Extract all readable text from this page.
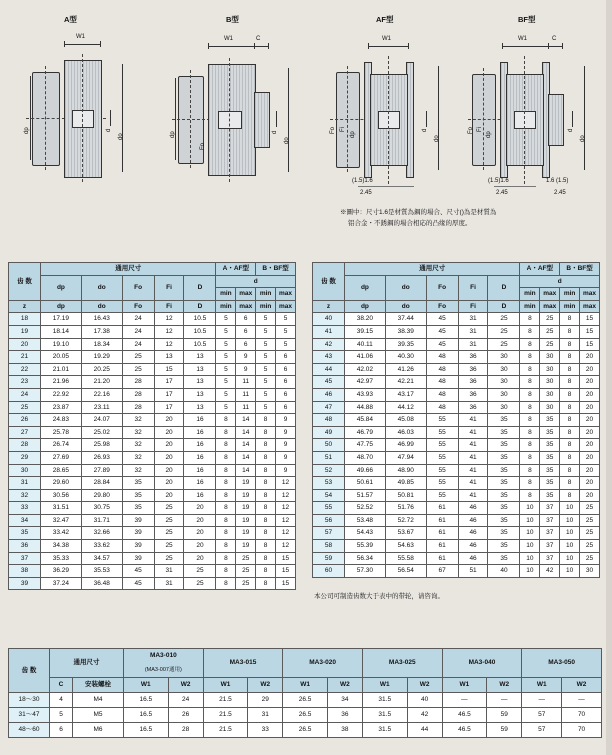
A型
W1
dp	d
do
B型
W1	C
dp	d
do
Fo
AF型
W1
Fo Fi
dp
d
do
(1.5)1.6
2.45
BF型
W1	C
Fo Fi
dp
d
do
(1.5)1.6
2.45
1.6 (1.5)
2.45
※圖中：尺寸1.6是材質為鋼的場合、尺寸()為是材質為
铝合金・不銹鋼的場合相応的凸缘的厚度。
齿 数	通用尺寸					A・AF型		B・BF型	
	dp	do	Fo	Fi	D	d			
						min	max	min	max
z	dp	do	Fo	Fi	D	min	max	min	max
18	17.19	16.43	24	12	10.5	5	6	5	5
19	18.14	17.38	24	12	10.5	5	6	5	5
20	19.10	18.34	24	12	10.5	5	6	5	5
21	20.05	19.29	25	13	13	5	9	5	6
22	21.01	20.25	25	15	13	5	9	5	6
23	21.96	21.20	28	17	13	5	11	5	6
24	22.92	22.16	28	17	13	5	11	5	6
25	23.87	23.11	28	17	13	5	11	5	6
26	24.83	24.07	32	20	16	8	14	8	9
27	25.78	25.02	32	20	16	8	14	8	9
28	26.74	25.98	32	20	16	8	14	8	9
29	27.69	26.93	32	20	16	8	14	8	9
30	28.65	27.89	32	20	16	8	14	8	9
31	29.60	28.84	35	20	16	8	19	8	12
32	30.56	29.80	35	20	16	8	19	8	12
33	31.51	30.75	35	25	20	8	19	8	12
34	32.47	31.71	39	25	20	8	19	8	12
35	33.42	32.66	39	25	20	8	19	8	12
36	34.38	33.62	39	25	20	8	19	8	12
37	35.33	34.57	39	25	20	8	25	8	15
38	36.29	35.53	45	31	25	8	25	8	15
39	37.24	36.48	45	31	25	8	25	8	15
齿 数	通用尺寸					A・AF型		B・BF型	
	dp	do	Fo	Fi	D	d			
						min	max	min	max
z	dp	do	Fo	Fi	D	min	max	min	max
40	38.20	37.44	45	31	25	8	25	8	15
41	39.15	38.39	45	31	25	8	25	8	15
42	40.11	39.35	45	31	25	8	25	8	15
43	41.06	40.30	48	36	30	8	30	8	20
44	42.02	41.26	48	36	30	8	30	8	20
45	42.97	42.21	48	36	30	8	30	8	20
46	43.93	43.17	48	36	30	8	30	8	20
47	44.88	44.12	48	36	30	8	30	8	20
48	45.84	45.08	55	41	35	8	35	8	20
49	46.79	46.03	55	41	35	8	35	8	20
50	47.75	46.99	55	41	35	8	35	8	20
51	48.70	47.94	55	41	35	8	35	8	20
52	49.66	48.90	55	41	35	8	35	8	20
53	50.61	49.85	55	41	35	8	35	8	20
54	51.57	50.81	55	41	35	8	35	8	20
55	52.52	51.76	61	46	35	10	37	10	25
56	53.48	52.72	61	46	35	10	37	10	25
57	54.43	53.67	61	46	35	10	37	10	25
58	55.39	54.63	61	46	35	10	37	10	25
59	56.34	55.58	61	46	35	10	37	10	25
60	57.30	56.54	67	51	40	10	42	10	30
本公司可制造齿数大于表中的带轮，请咨询。
齿 数	通用尺寸		MA3-010
(MA3-007通用)		MA3-015		MA3-020		MA3-025		MA3-040		MA3-050	
	C	安装螺栓	W1	W2	W1	W2	W1	W2	W1	W2	W1	W2	W1	W2
18～30	4	M4	16.5	24	21.5	29	26.5	34	31.5	40	—	—	—	—
31～47	5	M5	16.5	26	21.5	31	26.5	36	31.5	42	46.5	59	57	70
48～60	6	M6	16.5	28	21.5	33	26.5	38	31.5	44	46.5	59	57	70
